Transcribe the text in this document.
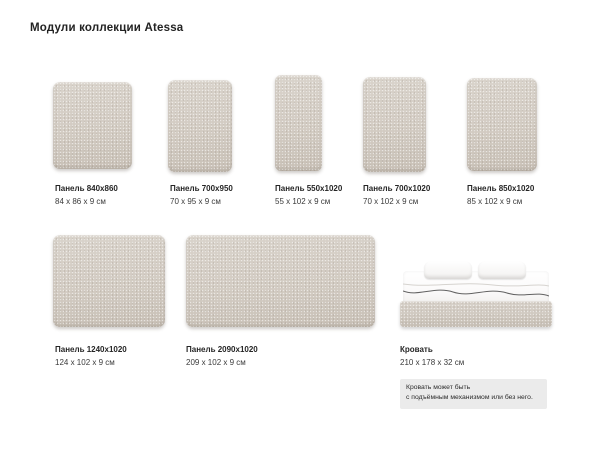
Модули коллекции Atessa
Панель 840x860
84 x 86 x 9 см
Панель 700x950
70 x 95 x 9 см
Панель 550x1020
55 x 102 x 9 см
Панель 700x1020
70 x 102 x 9 см
Панель 850x1020
85 x 102 x 9 см
Панель 1240x1020
124 x 102 x 9 см
Панель 2090x1020
209 x 102 x 9 см
Кровать
210 x 178 x 32 см
Кровать может быть
с подъёмным механизмом или без него.
